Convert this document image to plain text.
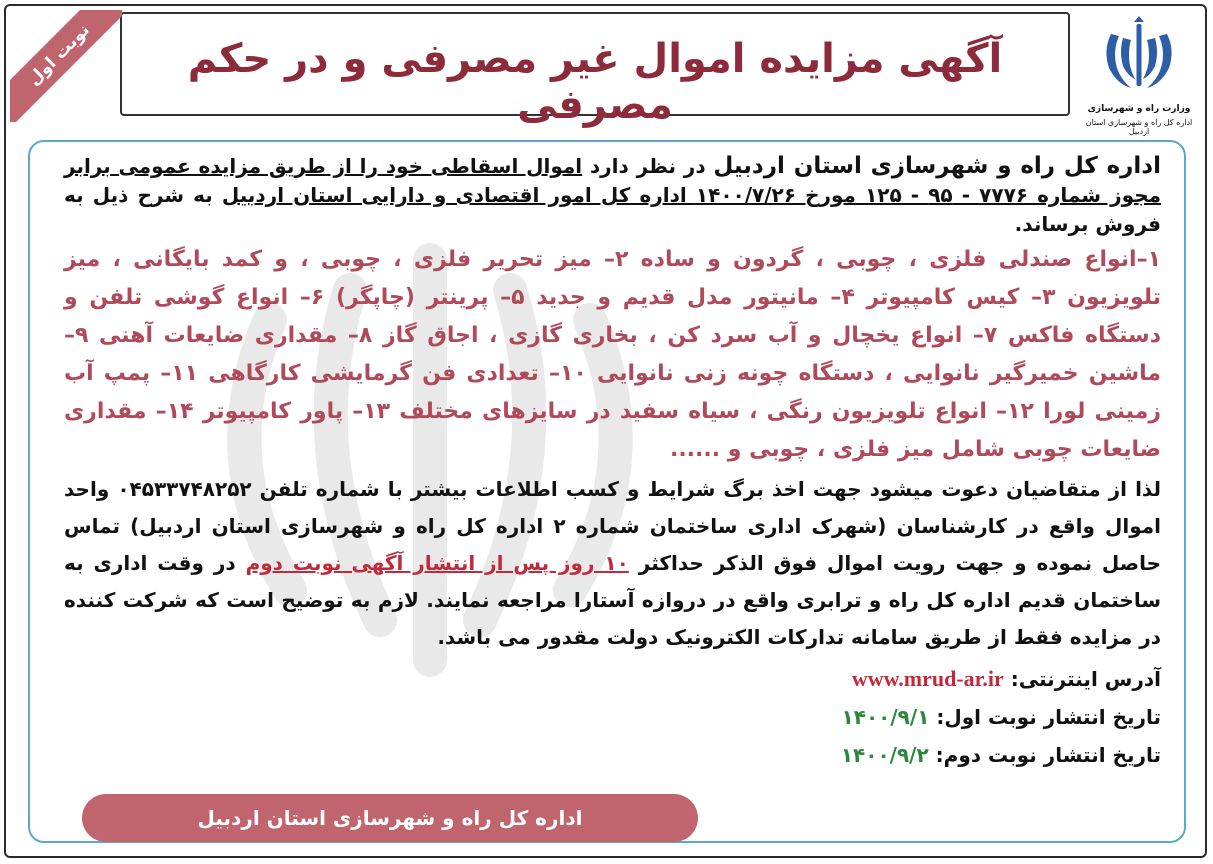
آگهی مزایده اموال غیر مصرفی و در حکم مصرفی
نوبت اول
وزارت راه و شهرسازی
اداره کل راه و شهرسازی استان اردبیل

اداره کل راه و شهرسازی استان اردبیل در نظر دارد اموال اسقاطی خود را از طریق مزایده عمومی برابر مجوز شماره ۷۷۷۶ - ۹۵ - ۱۲۵ مورخ ۱۴۰۰/۷/۲۶ اداره کل امور اقتصادی و دارایی استان اردبیل به شرح ذیل به فروش برساند.

۱–انواع صندلی فلزی ، چوبی ، گردون و ساده ۲– میز تحریر فلزی ، چوبی ، و کمد بایگانی ، میز تلویزیون ۳– کیس کامپیوتر ۴– مانیتور مدل قدیم و جدید ۵– پرینتر (چاپگر) ۶– انواع گوشی تلفن و دستگاه فاکس ۷– انواع یخچال و آب سرد کن ، بخاری گازی ، اجاق گاز ۸– مقداری ضایعات آهنی ۹– ماشین خمیرگیر نانوایی ، دستگاه چونه زنی نانوایی ۱۰– تعدادی فن گرمایشی کارگاهی ۱۱– پمپ آب زمینی لورا ۱۲– انواع تلویزیون رنگی ، سیاه سفید در سایزهای مختلف ۱۳– پاور کامپیوتر ۱۴– مقداری ضایعات چوبی شامل میز فلزی ، چوبی و ......

لذا از متقاضیان دعوت میشود جهت اخذ برگ شرایط و کسب اطلاعات بیشتر با شماره تلفن ۰۴۵۳۳۷۴۸۲۵۲ واحد اموال واقع در کارشناسان (شهرک اداری ساختمان شماره ۲ اداره کل راه و شهرسازی استان اردبیل) تماس حاصل نموده و جهت رویت اموال فوق الذکر حداکثر ۱۰ روز پس از انتشار آگهی نوبت دوم در وقت اداری به ساختمان قدیم اداره کل راه و ترابری واقع در دروازه آستارا مراجعه نمایند. لازم به توضیح است که شرکت کننده در مزایده فقط از طریق سامانه تدارکات الکترونیک دولت مقدور می باشد.

آدرس اینترنتی: www.mrud-ar.ir

تاریخ انتشار نوبت اول: ۱۴۰۰/۹/۱

تاریخ انتشار نوبت دوم: ۱۴۰۰/۹/۲

اداره کل راه و شهرسازی استان اردبیل
